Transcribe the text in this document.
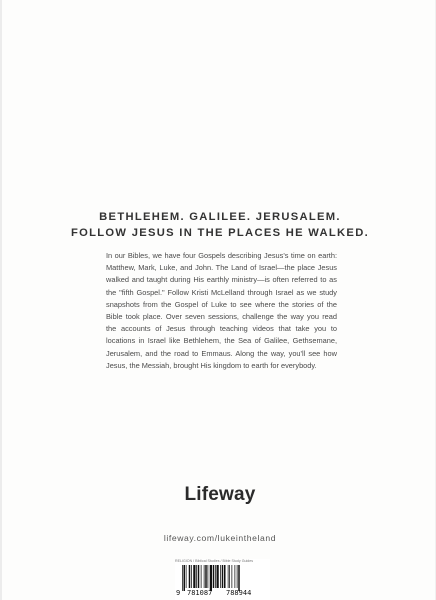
BETHLEHEM. GALILEE. JERUSALEM.

FOLLOW JESUS IN THE PLACES HE WALKED.

In our Bibles, we have four Gospels describing Jesus's time on earth: Matthew, Mark, Luke, and John. The Land of Israel—the place Jesus walked and taught during His earthly ministry—is often referred to as the "fifth Gospel." Follow Kristi McLelland through Israel as we study snapshots from the Gospel of Luke to see where the stories of the Bible took place. Over seven sessions, challenge the way you read the accounts of Jesus through teaching videos that take you to locations in Israel like Bethlehem, the Sea of Galilee, Gethsemane, Jerusalem, and the road to Emmaus. Along the way, you'll see how Jesus, the Messiah, brought His kingdom to earth for everybody.

Lifeway

lifeway.com/lukeintheland

RELIGION / Biblical Studies / Bible Study Guides

9 781087 788944
